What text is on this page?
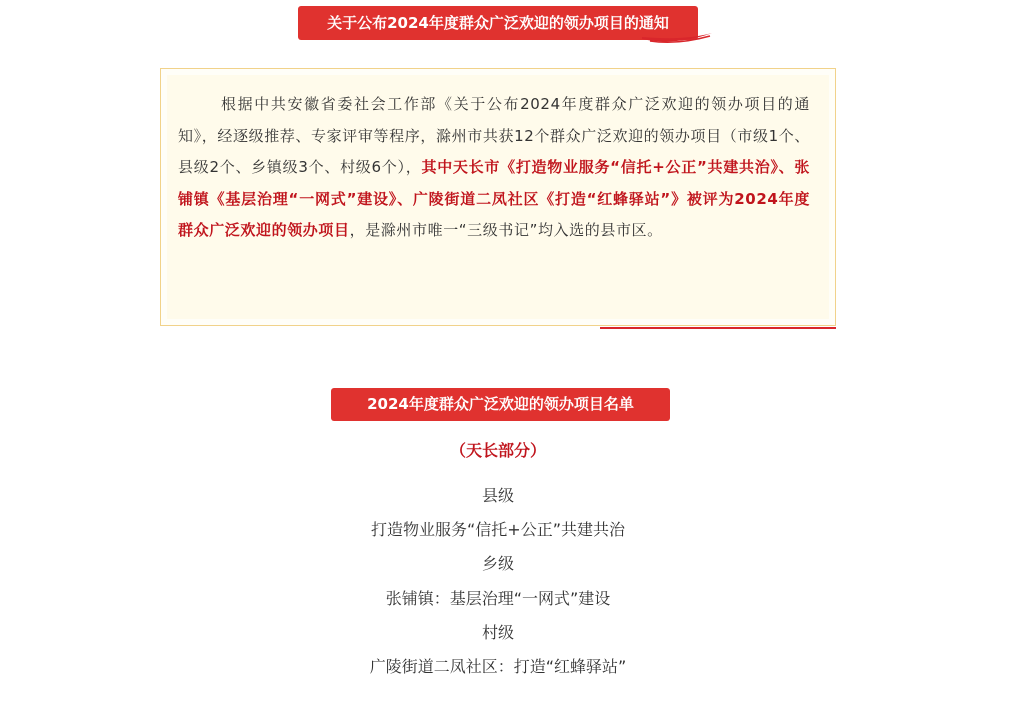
关于公布2024年度群众广泛欢迎的领办项目的通知
根据中共安徽省委社会工作部《关于公布2024年度群众广泛欢迎的领办项目的通知》，经逐级推荐、专家评审等程序，滁州市共获12个群众广泛欢迎的领办项目（市级1个、县级2个、乡镇级3个、村级6个），其中天长市《打造物业服务“信托+公正”共建共治》、张铺镇《基层治理“一网式”建设》、广陵街道二凤社区《打造“红蜂驿站”》被评为2024年度群众广泛欢迎的领办项目，是滁州市唯一“三级书记”均入选的县市区。
2024年度群众广泛欢迎的领办项目名单
（天长部分）
县级
打造物业服务“信托+公正”共建共治
乡级
张铺镇：基层治理“一网式”建设
村级
广陵街道二凤社区：打造“红蜂驿站”
